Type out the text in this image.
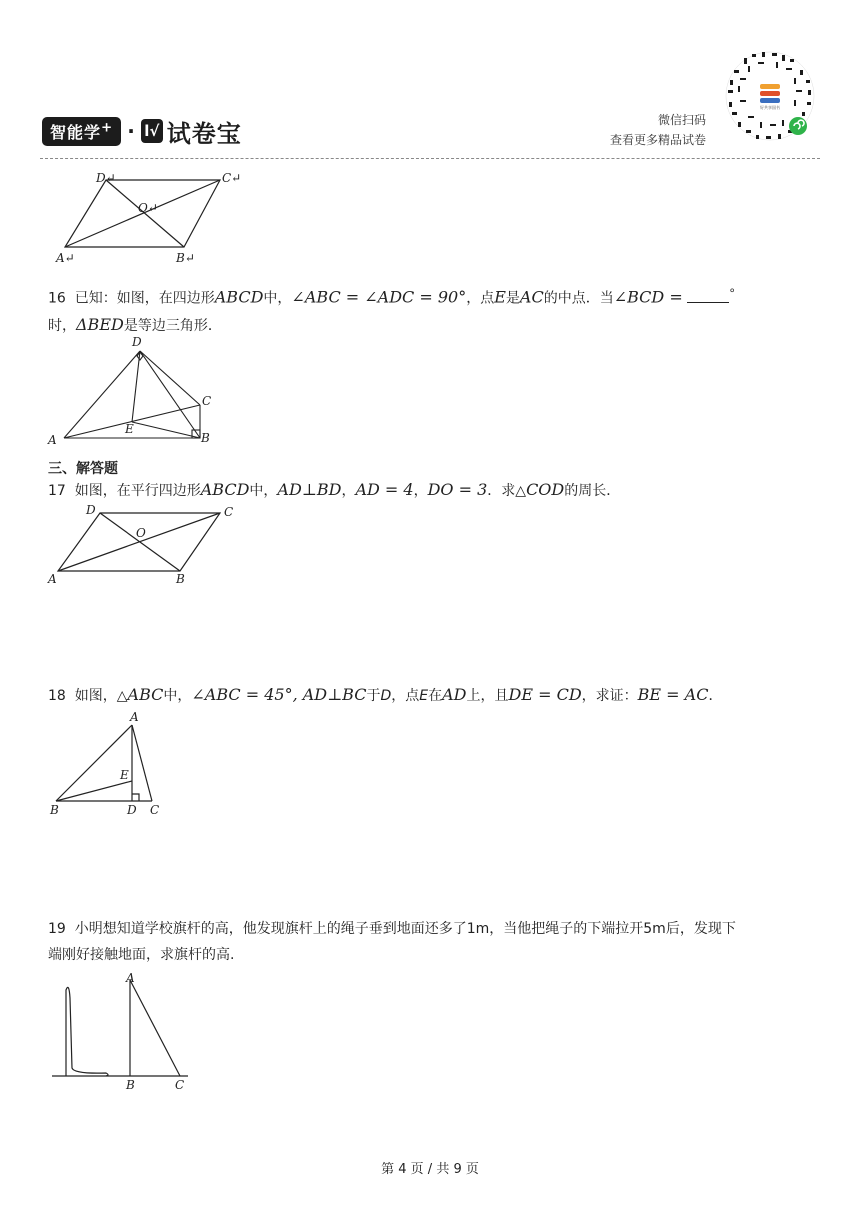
智能学+ · l√ 试卷宝	微信扫码
查看更多精品试卷
好共享国书
D↵	C↵
O↵
A↵	B↵
16 已知：如图，在四边形ABCD中，∠ABC = ∠ADC = 90°，点E是AC的中点．当∠BCD =	°
时，ΔBED是等边三角形．
D
C
E
A	B
三、解答题
17 如图，在平行四边形ABCD中，AD⊥BD，AD = 4，DO = 3．求△COD的周长．
D	C
O
A	B
18 如图，△ABC中，∠ABC = 45°, AD⊥BC于D，点E在AD上，且DE = CD，求证：BE = AC．
A
E
B	D C
19 小明想知道学校旗杆的高，他发现旗杆上的绳子垂到地面还多了1m，当他把绳子的下端拉开5m后，发现下
端刚好接触地面，求旗杆的高.
A
B	C
第 4 页 / 共 9 页
